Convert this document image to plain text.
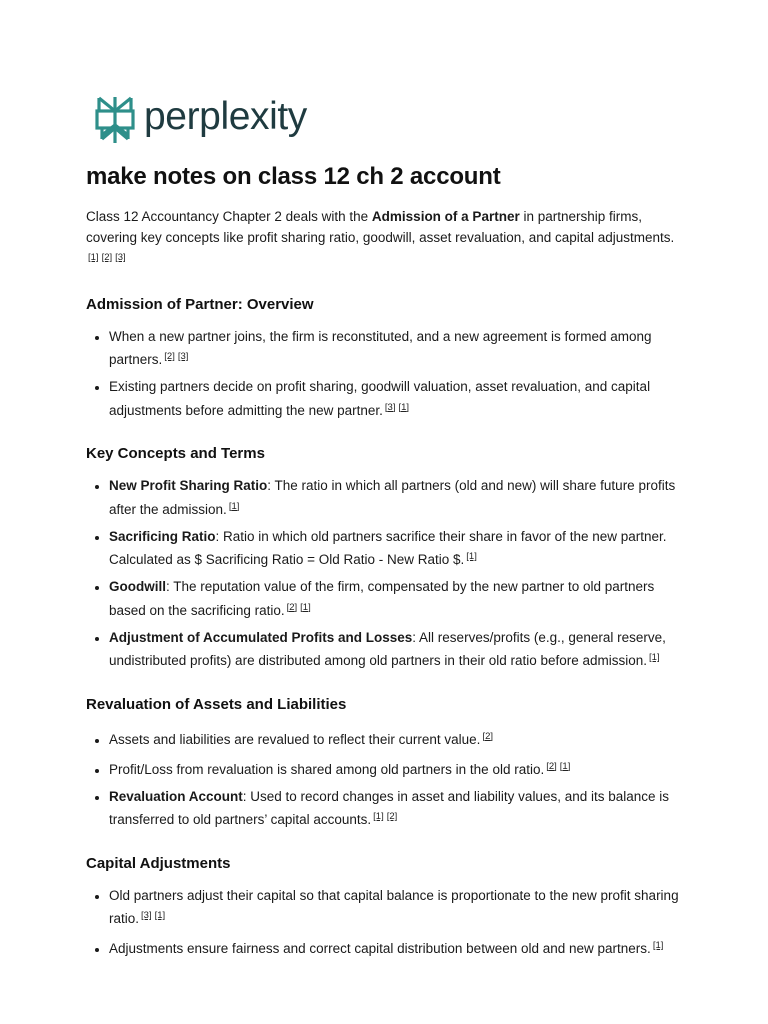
perplexity
make notes on class 12 ch 2 account

Class 12 Accountancy Chapter 2 deals with the Admission of a Partner in partnership firms, covering key concepts like profit sharing ratio, goodwill, asset revaluation, and capital adjustments.[1] [2] [3]

Admission of Partner: Overview
• When a new partner joins, the firm is reconstituted, and a new agreement is formed among partners. [2] [3]
• Existing partners decide on profit sharing, goodwill valuation, asset revaluation, and capital adjustments before admitting the new partner. [3] [1]
Key Concepts and Terms
• New Profit Sharing Ratio: The ratio in which all partners (old and new) will share future profits after the admission. [1]
• Sacrificing Ratio: Ratio in which old partners sacrifice their share in favor of the new partner. Calculated as $ Sacrificing Ratio = Old Ratio - New Ratio $. [1]
• Goodwill: The reputation value of the firm, compensated by the new partner to old partners based on the sacrificing ratio. [2] [1]
• Adjustment of Accumulated Profits and Losses: All reserves/profits (e.g., general reserve, undistributed profits) are distributed among old partners in their old ratio before admission. [1]
Revaluation of Assets and Liabilities
• Assets and liabilities are revalued to reflect their current value. [2]
• Profit/Loss from revaluation is shared among old partners in the old ratio. [2] [1]
• Revaluation Account: Used to record changes in asset and liability values, and its balance is transferred to old partners’ capital accounts. [1] [2]
Capital Adjustments
• Old partners adjust their capital so that capital balance is proportionate to the new profit sharing ratio. [3] [1]
• Adjustments ensure fairness and correct capital distribution between old and new partners. [1]
